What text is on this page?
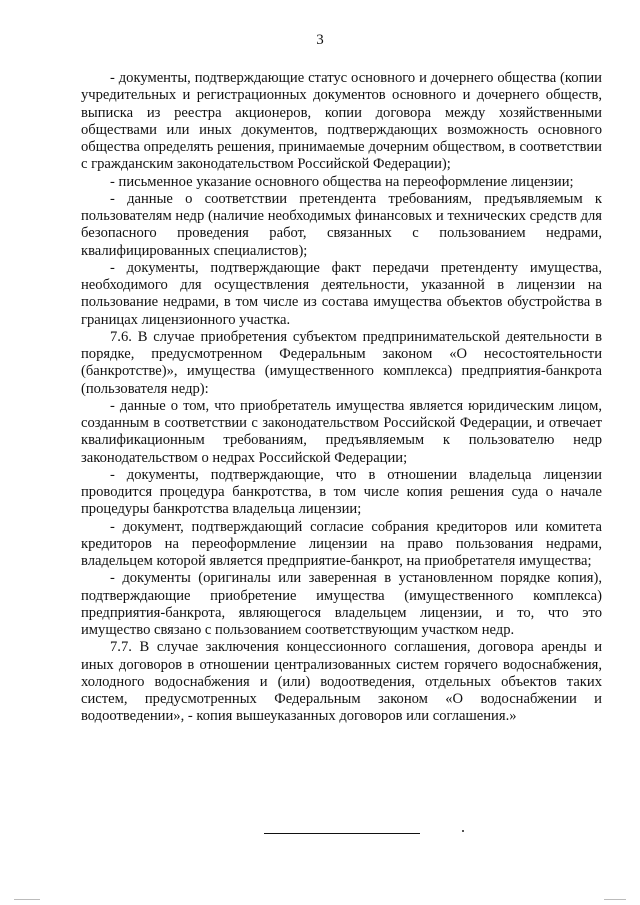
3

- документы, подтверждающие статус основного и дочернего общества (копии учредительных и регистрационных документов основного и дочернего обществ, выписка из реестра акционеров, копии договора между хозяйственными обществами или иных документов, подтверждающих возможность основного общества определять решения, принимаемые дочерним обществом, в соответствии с гражданским законодательством Российской Федерации);

- письменное указание основного общества на переоформление лицензии;

- данные о соответствии претендента требованиям, предъявляемым к пользователям недр (наличие необходимых финансовых и технических средств для безопасного проведения работ, связанных с пользованием недрами, квалифицированных специалистов);

- документы, подтверждающие факт передачи претенденту имущества, необходимого для осуществления деятельности, указанной в лицензии на пользование недрами, в том числе из состава имущества объектов обустройства в границах лицензионного участка.

7.6. В случае приобретения субъектом предпринимательской деятельности в порядке, предусмотренном Федеральным законом «О несостоятельности (банкротстве)», имущества (имущественного комплекса) предприятия-банкрота (пользователя недр):

- данные о том, что приобретатель имущества является юридическим лицом, созданным в соответствии с законодательством Российской Федерации, и отвечает квалификационным требованиям, предъявляемым к пользователю недр законодательством о недрах Российской Федерации;

- документы, подтверждающие, что в отношении владельца лицензии проводится процедура банкротства, в том числе копия решения суда о начале процедуры банкротства владельца лицензии;

- документ, подтверждающий согласие собрания кредиторов или комитета кредиторов на переоформление лицензии на право пользования недрами, владельцем которой является предприятие-банкрот, на приобретателя имущества;

- документы (оригиналы или заверенная в установленном порядке копия), подтверждающие приобретение имущества (имущественного комплекса) предприятия-банкрота, являющегося владельцем лицензии, и то, что это имущество связано с пользованием соответствующим участком недр.

7.7. В случае заключения концессионного соглашения, договора аренды и иных договоров в отношении централизованных систем горячего водоснабжения, холодного водоснабжения и (или) водоотведения, отдельных объектов таких систем, предусмотренных Федеральным законом «О водоснабжении и водоотведении», - копия вышеуказанных договоров или соглашения.»
